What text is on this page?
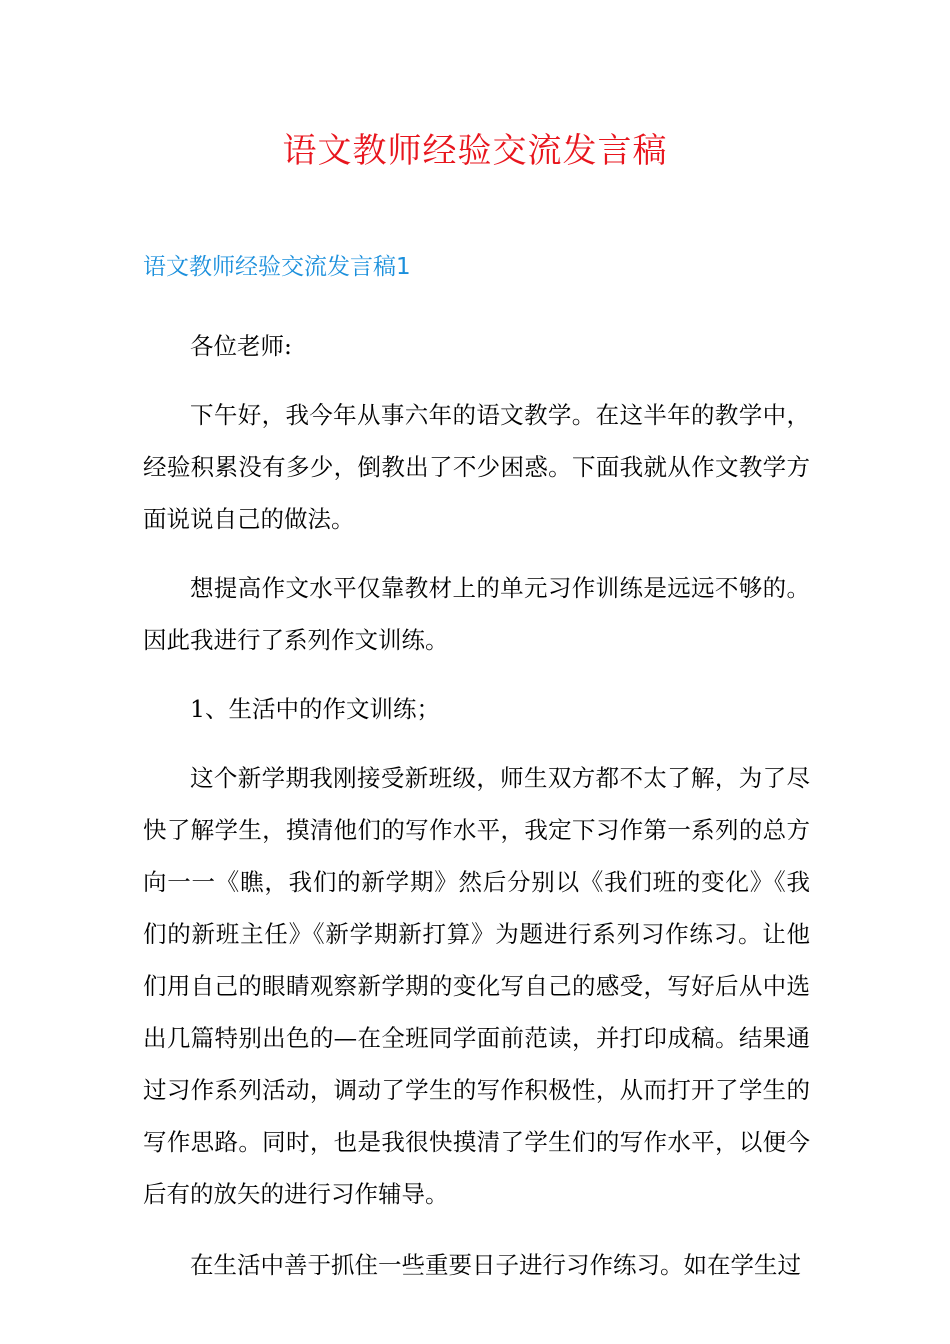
语文教师经验交流发言稿
语文教师经验交流发言稿1

各位老师:

下午好，我今年从事六年的语文教学。在这半年的教学中，经验积累没有多少，倒教出了不少困惑。下面我就从作文教学方面说说自己的做法。

想提高作文水平仅靠教材上的单元习作训练是远远不够的。因此我进行了系列作文训练。

1、生活中的作文训练；

这个新学期我刚接受新班级，师生双方都不太了解，为了尽快了解学生，摸清他们的写作水平，我定下习作第一系列的总方向一一《瞧，我们的新学期》然后分别以《我们班的变化》《我们的新班主任》《新学期新打算》为题进行系列习作练习。让他们用自己的眼睛观察新学期的变化写自己的感受，写好后从中选出几篇特别出色的—在全班同学面前范读，并打印成稿。结果通过习作系列活动，调动了学生的写作积极性，从而打开了学生的写作思路。同时，也是我很快摸清了学生们的写作水平，以便今后有的放矢的进行习作辅导。

在生活中善于抓住一些重要日子进行习作练习。如在学生过
